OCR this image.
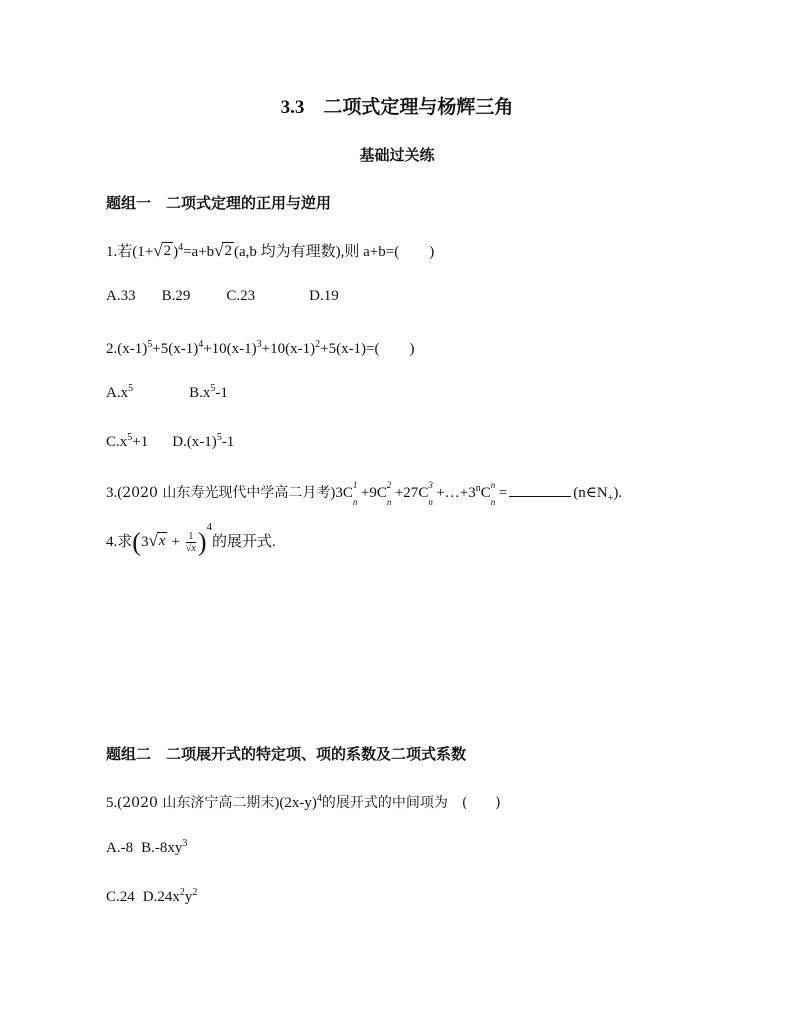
3.3　二项式定理与杨辉三角
基础过关练
题组一　二项式定理的正用与逆用
1.若(1+ √ 2 )$^4$=a+b √ 2 (a,b 均为有理数),则 a+b=(　　)
A.33 B.29 C.23	D.19
$2.(x-1)^5+5(x-1)^4+10(x-1)^3+10(x-1)^2+5(x-1)=$(　　)
$A.x^5$	$B.x^5-1$
$C.x^5+1$ $D.(x-1)^5-1$
3.(2020 山东寿光现代中学高二月考)3C 1
n
+9C 2
n
+27C 3
n
$+\dots+3^nC$ n
n
=	$(n\in N_+)$.
4.求(3 √ $x + \frac{1}{√x} )^4$的展开式.
题组二　二项展开式的特定项、项的系数及二项式系数
5.(2020 山东济宁高二期末)$(2x-y)^4$的展开式的中间项为　(　　)
A.-8 $B.-8xy^3$
C.24 $D.24x^2y^2$
